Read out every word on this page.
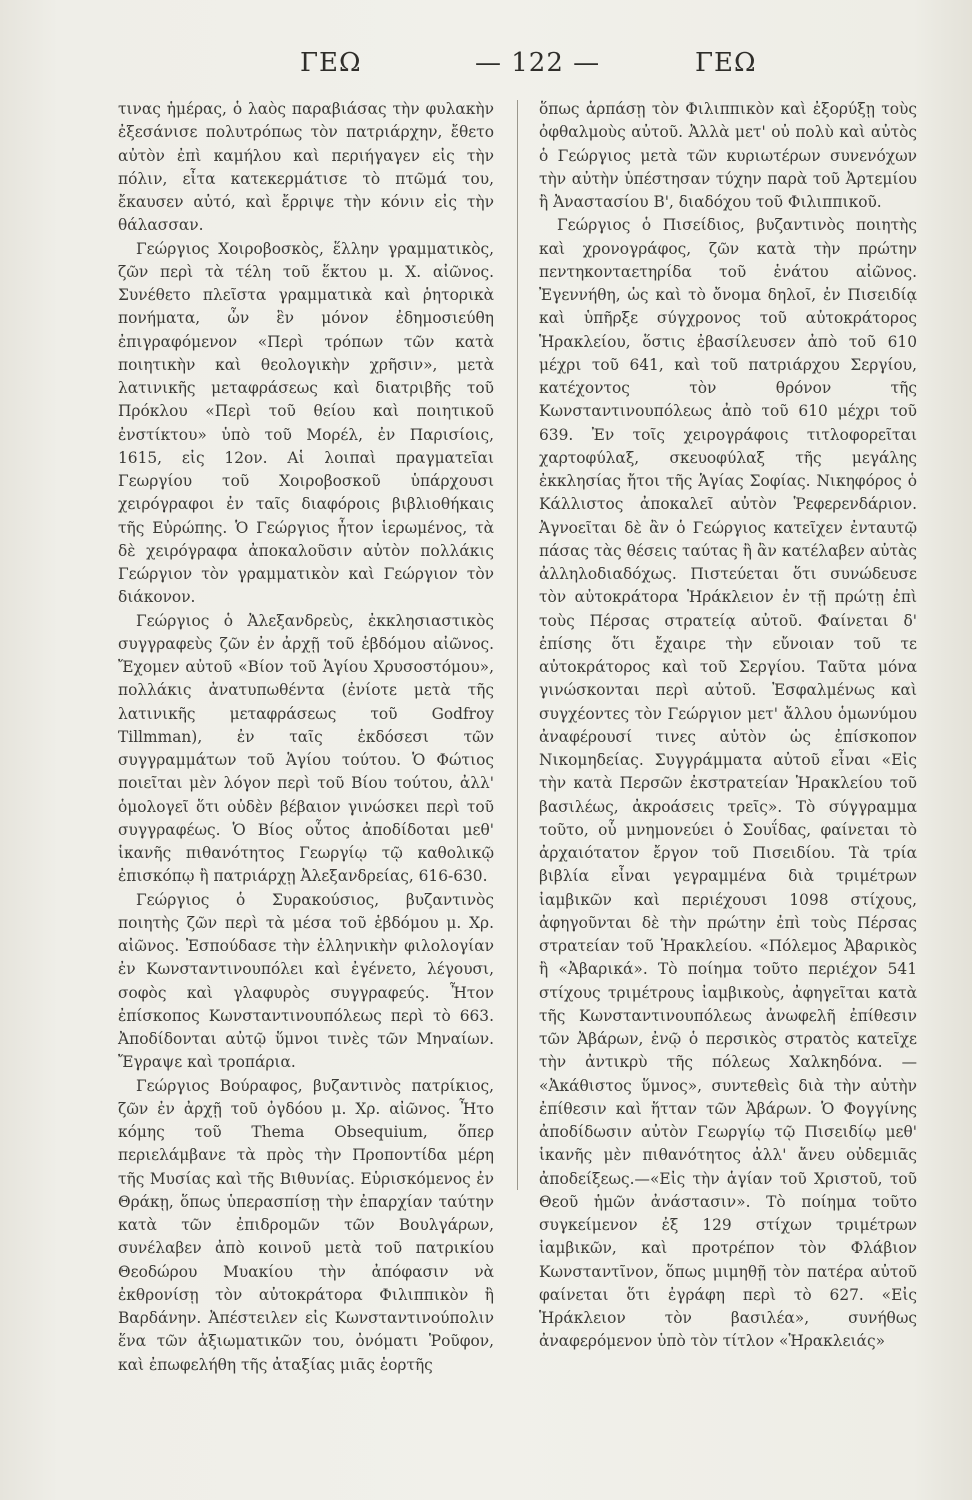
ΓΕΩ	— 122 —	ΓΕΩ

τινας ἡμέρας, ὁ λαὸς παραβιάσας τὴν φυλακὴν ἐξεσάνισε πολυτρόπως τὸν πατριάρχην, ἔθετο αὐτὸν ἐπὶ καμήλου καὶ περιήγαγεν εἰς τὴν πόλιν, εἶτα κατεκερμάτισε τὸ πτῶμά του, ἔκαυσεν αὐτό, καὶ ἔρριψε τὴν κόνιν εἰς τὴν θάλασσαν.

Γεώργιος Χοιροβοσκὸς, ἕλλην γραμματικὸς, ζῶν περὶ τὰ τέλη τοῦ ἕκτου μ. Χ. αἰῶνος. Συνέθετο πλεῖστα γραμματικὰ καὶ ῥητορικὰ πονήματα, ὧν ἓν μόνον ἐδημοσιεύθη ἐπιγραφόμενον «Περὶ τρόπων τῶν κατὰ ποιητικὴν καὶ θεολογικὴν χρῆσιν», μετὰ λατινικῆς μεταφράσεως καὶ διατριβῆς τοῦ Πρόκλου «Περὶ τοῦ θείου καὶ ποιητικοῦ ἐνστίκτου» ὑπὸ τοῦ Μορέλ, ἐν Παρισίοις, 1615, εἰς 12ον. Αἱ λοιπαὶ πραγματεῖαι Γεωργίου τοῦ Χοιροβοσκοῦ ὑπάρχουσι χειρόγραφοι ἐν ταῖς διαφόροις βιβλιοθήκαις τῆς Εὐρώπης. Ὁ Γεώργιος ἦτον ἱερωμένος, τὰ δὲ χειρόγραφα ἀποκαλοῦσιν αὐτὸν πολλάκις Γεώργιον τὸν γραμματικὸν καὶ Γεώργιον τὸν διάκονον.

Γεώργιος ὁ Ἀλεξανδρεὺς, ἐκκλησιαστικὸς συγγραφεὺς ζῶν ἐν ἀρχῇ τοῦ ἑβδόμου αἰῶνος. Ἔχομεν αὐτοῦ «Βίον τοῦ Ἁγίου Χρυσοστόμου», πολλάκις ἀνατυπωθέντα (ἐνίοτε μετὰ τῆς λατινικῆς μεταφράσεως τοῦ Godfroy Tillmman), ἐν ταῖς ἐκδόσεσι τῶν συγγραμμάτων τοῦ Ἁγίου τούτου. Ὁ Φώτιος ποιεῖται μὲν λόγον περὶ τοῦ Βίου τούτου, ἀλλ' ὁμολογεῖ ὅτι οὐδὲν βέβαιον γινώσκει περὶ τοῦ συγγραφέως. Ὁ Βίος οὗτος ἀποδίδοται μεθ' ἱκανῆς πιθανότητος Γεωργίῳ τῷ καθολικῷ ἐπισκόπῳ ἢ πατριάρχῃ Ἀλεξανδρείας, 616-630.

Γεώργιος ὁ Συρακούσιος, βυζαντινὸς ποιητὴς ζῶν περὶ τὰ μέσα τοῦ ἑβδόμου μ. Χρ. αἰῶνος. Ἐσπούδασε τὴν ἑλληνικὴν φιλολογίαν ἐν Κωνσταντινουπόλει καὶ ἐγένετο, λέγουσι, σοφὸς καὶ γλαφυρὸς συγγραφεύς. Ἦτον ἐπίσκοπος Κωνσταντινουπόλεως περὶ τὸ 663. Ἀποδίδονται αὐτῷ ὕμνοι τινὲς τῶν Μηναίων. Ἔγραψε καὶ τροπάρια.

Γεώργιος Βούραφος, βυζαντινὸς πατρίκιος, ζῶν ἐν ἀρχῇ τοῦ ὀγδόου μ. Χρ. αἰῶνος. Ἦτο κόμης τοῦ Thema Obsequium, ὅπερ περιελάμβανε τὰ πρὸς τὴν Προποντίδα μέρη τῆς Μυσίας καὶ τῆς Βιθυνίας. Εὑρισκόμενος ἐν Θράκῃ, ὅπως ὑπερασπίσῃ τὴν ἐπαρχίαν ταύτην κατὰ τῶν ἐπιδρομῶν τῶν Βουλγάρων, συνέλαβεν ἀπὸ κοινοῦ μετὰ τοῦ πατρικίου Θεοδώρου Μυακίου τὴν ἀπόφασιν νὰ ἐκθρονίσῃ τὸν αὐτοκράτορα Φιλιππικὸν ἢ Βαρδάνην. Ἀπέστειλεν εἰς Κωνσταντινούπολιν ἕνα τῶν ἀξιωματικῶν του, ὀνόματι Ῥοῦφον, καὶ ἐπωφελήθη τῆς ἀταξίας μιᾶς ἑορτῆς

ὅπως ἁρπάσῃ τὸν Φιλιππικὸν καὶ ἐξορύξῃ τοὺς ὀφθαλμοὺς αὐτοῦ. Ἀλλὰ μετ' οὐ πολὺ καὶ αὐτὸς ὁ Γεώργιος μετὰ τῶν κυριωτέρων συνενόχων τὴν αὐτὴν ὑπέστησαν τύχην παρὰ τοῦ Ἀρτεμίου ἢ Ἀναστασίου Β', διαδόχου τοῦ Φιλιππικοῦ.

Γεώργιος ὁ Πισείδιος, βυζαντινὸς ποιητὴς καὶ χρονογράφος, ζῶν κατὰ τὴν πρώτην πεντηκονταετηρίδα τοῦ ἑνάτου αἰῶνος. Ἐγεννήθη, ὡς καὶ τὸ ὄνομα δηλοῖ, ἐν Πισειδίᾳ καὶ ὑπῆρξε σύγχρονος τοῦ αὐτοκράτορος Ἡρακλείου, ὅστις ἐβασίλευσεν ἀπὸ τοῦ 610 μέχρι τοῦ 641, καὶ τοῦ πατριάρχου Σεργίου, κατέχοντος τὸν θρόνον τῆς Κωνσταντινουπόλεως ἀπὸ τοῦ 610 μέχρι τοῦ 639. Ἐν τοῖς χειρογράφοις τιτλοφορεῖται χαρτοφύλαξ, σκευοφύλαξ τῆς μεγάλης ἐκκλησίας ἤτοι τῆς Ἁγίας Σοφίας. Νικηφόρος ὁ Κάλλιστος ἀποκαλεῖ αὐτὸν Ῥεφερενδάριον. Ἀγνοεῖται δὲ ἂν ὁ Γεώργιος κατεῖχεν ἐνταυτῷ πάσας τὰς θέσεις ταύτας ἢ ἂν κατέλαβεν αὐτὰς ἀλληλοδιαδόχως. Πιστεύεται ὅτι συνώδευσε τὸν αὐτοκράτορα Ἡράκλειον ἐν τῇ πρώτῃ ἐπὶ τοὺς Πέρσας στρατείᾳ αὐτοῦ. Φαίνεται δ' ἐπίσης ὅτι ἔχαιρε τὴν εὔνοιαν τοῦ τε αὐτοκράτορος καὶ τοῦ Σεργίου. Ταῦτα μόνα γινώσκονται περὶ αὐτοῦ. Ἐσφαλμένως καὶ συγχέοντες τὸν Γεώργιον μετ' ἄλλου ὁμωνύμου ἀναφέρουσί τινες αὐτὸν ὡς ἐπίσκοπον Νικομηδείας. Συγγράμματα αὐτοῦ εἶναι «Εἰς τὴν κατὰ Περσῶν ἐκστρατείαν Ἡρακλείου τοῦ βασιλέως, ἀκροάσεις τρεῖς». Τὸ σύγγραμμα τοῦτο, οὗ μνημονεύει ὁ Σουΐδας, φαίνεται τὸ ἀρχαιότατον ἔργον τοῦ Πισειδίου. Τὰ τρία βιβλία εἶναι γεγραμμένα διὰ τριμέτρων ἰαμβικῶν καὶ περιέχουσι 1098 στίχους, ἀφηγοῦνται δὲ τὴν πρώτην ἐπὶ τοὺς Πέρσας στρατείαν τοῦ Ἡρακλείου. «Πόλεμος Ἀβαρικὸς ἢ «Ἀβαρικά». Τὸ ποίημα τοῦτο περιέχον 541 στίχους τριμέτρους ἰαμβικοὺς, ἀφηγεῖται κατὰ τῆς Κωνσταντινουπόλεως ἀνωφελῆ ἐπίθεσιν τῶν Ἀβάρων, ἐνῷ ὁ περσικὸς στρατὸς κατεῖχε τὴν ἀντικρὺ τῆς πόλεως Χαλκηδόνα. — «Ἀκάθιστος ὕμνος», συντεθεὶς διὰ τὴν αὐτὴν ἐπίθεσιν καὶ ἥτταν τῶν Ἀβάρων. Ὁ Φογγίνης ἀποδίδωσιν αὐτὸν Γεωργίῳ τῷ Πισειδίῳ μεθ' ἱκανῆς μὲν πιθανότητος ἀλλ' ἄνευ οὐδεμιᾶς ἀποδείξεως.—«Εἰς τὴν ἁγίαν τοῦ Χριστοῦ, τοῦ Θεοῦ ἡμῶν ἀνάστασιν». Τὸ ποίημα τοῦτο συγκείμενον ἐξ 129 στίχων τριμέτρων ἰαμβικῶν, καὶ προτρέπον τὸν Φλάβιον Κωνσταντῖνον, ὅπως μιμηθῇ τὸν πατέρα αὐτοῦ φαίνεται ὅτι ἐγράφη περὶ τὸ 627. «Εἰς Ἡράκλειον τὸν βασιλέα», συνήθως ἀναφερόμενον ὑπὸ τὸν τίτλον «Ἡρακλειάς»
